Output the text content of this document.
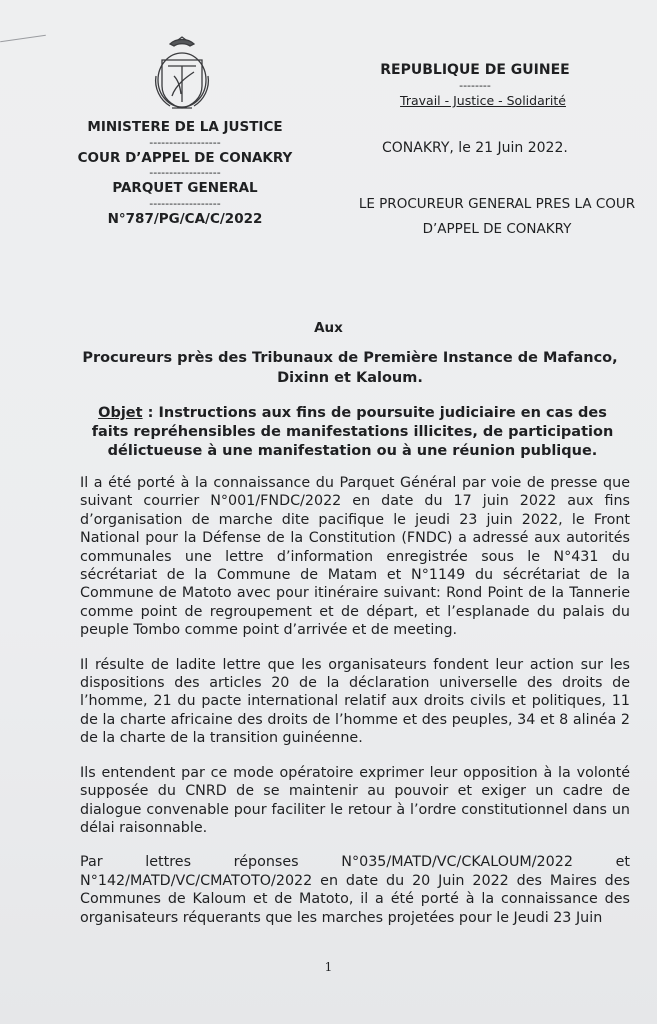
MINISTERE DE LA JUSTICE
------------------
COUR D’APPEL DE CONAKRY
------------------
PARQUET GENERAL
------------------
N°787/PG/CA/C/2022
REPUBLIQUE DE GUINEE
--------
Travail - Justice - Solidarité
CONAKRY, le 21 Juin 2022.
LE PROCUREUR GENERAL PRES LA COUR
D’APPEL DE CONAKRY
Aux
Procureurs près des Tribunaux de Première Instance de Mafanco, Dixinn et Kaloum.
Objet : Instructions aux fins de poursuite judiciaire en cas des faits repréhensibles de manifestations illicites, de participation délictueuse à une manifestation ou à une réunion publique.

Il a été porté à la connaissance du Parquet Général par voie de presse que suivant courrier N°001/FNDC/2022 en date du 17 juin 2022 aux fins d’organisation de marche dite pacifique le jeudi 23 juin 2022, le Front National pour la Défense de la Constitution (FNDC) a adressé aux autorités communales une lettre d’information enregistrée sous le N°431 du sécrétariat de la Commune de Matam et N°1149 du sécrétariat de la Commune de Matoto avec pour itinéraire suivant: Rond Point de la Tannerie comme point de regroupement et de départ, et l’esplanade du palais du peuple Tombo comme point d’arrivée et de meeting.

Il résulte de ladite lettre que les organisateurs fondent leur action sur les dispositions des articles 20 de la déclaration universelle des droits de l’homme, 21 du pacte international relatif aux droits civils et politiques, 11 de la charte africaine des droits de l’homme et des peuples, 34 et 8 alinéa 2 de la charte de la transition guinéenne.

Ils entendent par ce mode opératoire exprimer leur opposition à la volonté supposée du CNRD de se maintenir au pouvoir et exiger un cadre de dialogue convenable pour faciliter le retour à l’ordre constitutionnel dans un délai raisonnable.

Par lettres réponses N°035/MATD/VC/CKALOUM/2022 et N°142/MATD/VC/CMATOTO/2022 en date du 20 Juin 2022 des Maires des Communes de Kaloum et de Matoto, il a été porté à la connaissance des organisateurs réquerants que les marches projetées pour le Jeudi 23 Juin

1
